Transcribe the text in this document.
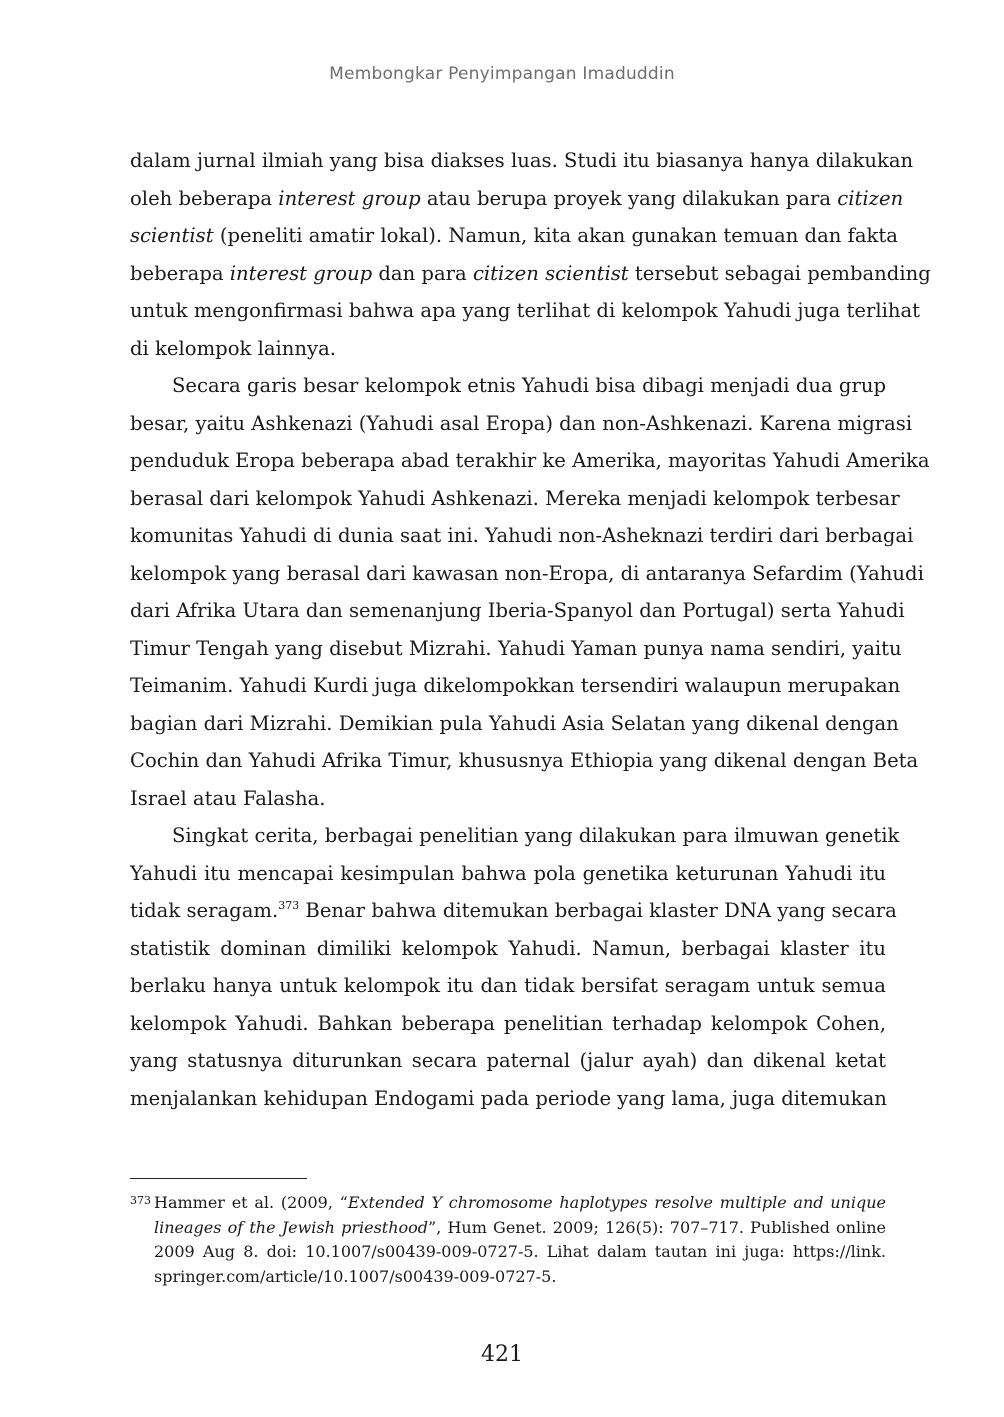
Membongkar Penyimpangan Imaduddin
dalam jurnal ilmiah yang bisa diakses luas. Studi itu biasanya hanya dilakukan
oleh beberapa interest group atau berupa proyek yang dilakukan para citizen
scientist (peneliti amatir lokal). Namun, kita akan gunakan temuan dan fakta
beberapa interest group dan para citizen scientist tersebut sebagai pembanding
untuk mengonfirmasi bahwa apa yang terlihat di kelompok Yahudi juga terlihat
di kelompok lainnya.
Secara garis besar kelompok etnis Yahudi bisa dibagi menjadi dua grup
besar, yaitu Ashkenazi (Yahudi asal Eropa) dan non-Ashkenazi. Karena migrasi
penduduk Eropa beberapa abad terakhir ke Amerika, mayoritas Yahudi Amerika
berasal dari kelompok Yahudi Ashkenazi. Mereka menjadi kelompok terbesar
komunitas Yahudi di dunia saat ini. Yahudi non-Asheknazi terdiri dari berbagai
kelompok yang berasal dari kawasan non-Eropa, di antaranya Sefardim (Yahudi
dari Afrika Utara dan semenanjung Iberia-Spanyol dan Portugal) serta Yahudi
Timur Tengah yang disebut Mizrahi. Yahudi Yaman punya nama sendiri, yaitu
Teimanim. Yahudi Kurdi juga dikelompokkan tersendiri walaupun merupakan
bagian dari Mizrahi. Demikian pula Yahudi Asia Selatan yang dikenal dengan
Cochin dan Yahudi Afrika Timur, khususnya Ethiopia yang dikenal dengan Beta
Israel atau Falasha.
Singkat cerita, berbagai penelitian yang dilakukan para ilmuwan genetik
Yahudi itu mencapai kesimpulan bahwa pola genetika keturunan Yahudi itu
tidak seragam.$^{373}$ Benar bahwa ditemukan berbagai klaster DNA yang secara
statistik dominan dimiliki kelompok Yahudi. Namun, berbagai klaster itu
berlaku hanya untuk kelompok itu dan tidak bersifat seragam untuk semua
kelompok Yahudi. Bahkan beberapa penelitian terhadap kelompok Cohen,
yang statusnya diturunkan secara paternal (jalur ayah) dan dikenal ketat
menjalankan kehidupan Endogami pada periode yang lama, juga ditemukan
373 Hammer et al. (2009, “Extended Y chromosome haplotypes resolve multiple and unique
lineages of the Jewish priesthood”, Hum Genet. 2009; 126(5): 707–717. Published online
2009 Aug 8. doi: 10.1007/s00439-009-0727-5. Lihat dalam tautan ini juga: https://link.
springer.com/article/10.1007/s00439-009-0727-5.
421
